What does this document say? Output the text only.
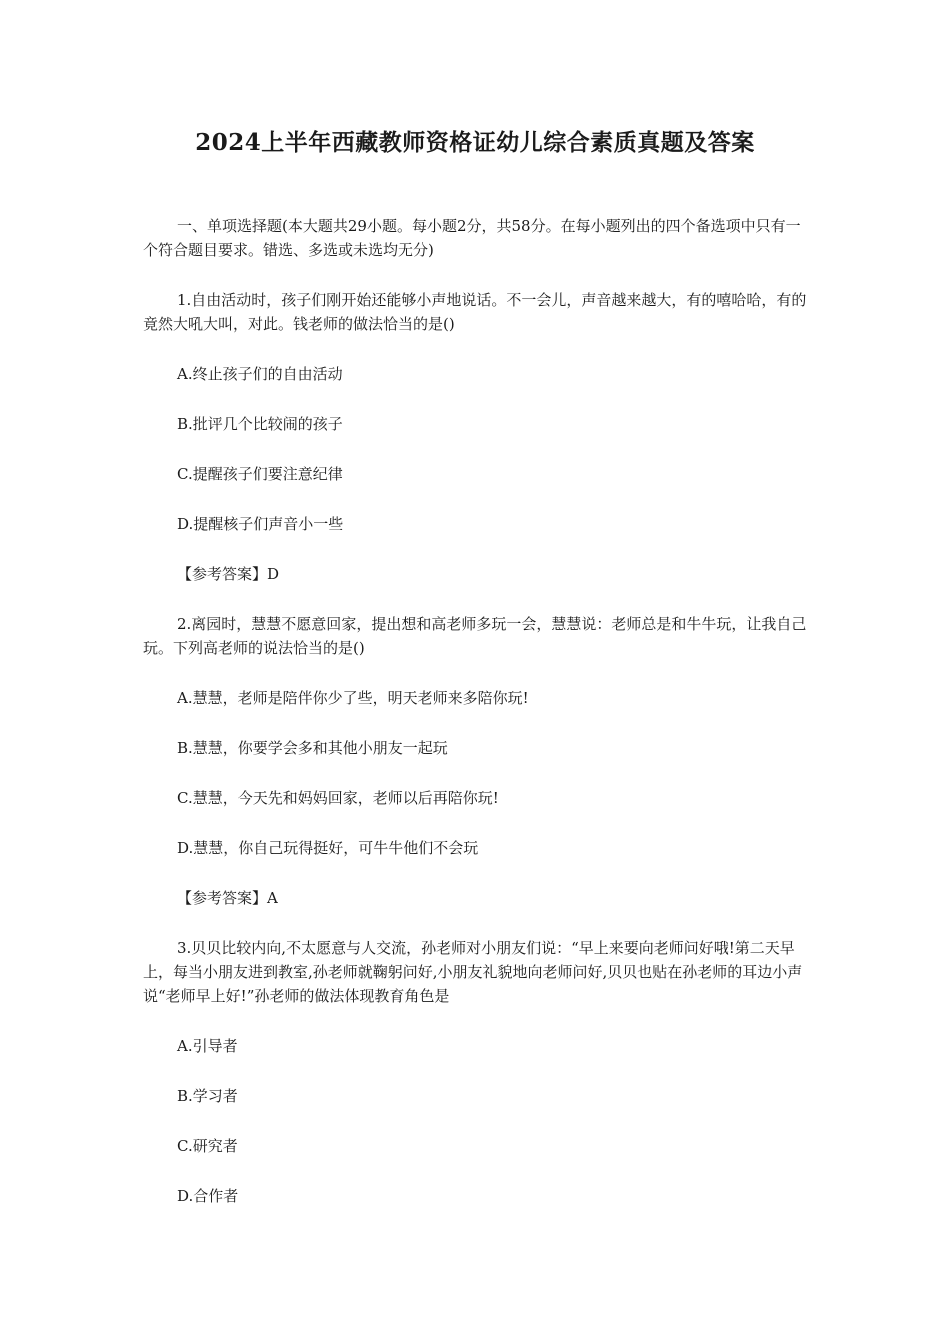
2024上半年西藏教师资格证幼儿综合素质真题及答案

一、单项选择题(本大题共29小题。每小题2分，共58分。在每小题列出的四个备选项中只有一个符合题目要求。错选、多选或未选均无分)

1.自由活动时，孩子们刚开始还能够小声地说话。不一会儿，声音越来越大，有的嘻哈哈，有的竟然大吼大叫，对此。钱老师的做法恰当的是()

A.终止孩子们的自由活动

B.批评几个比较闹的孩子

C.提醒孩子们要注意纪律

D.提醒核子们声音小一些

【参考答案】D

2.离园时，慧慧不愿意回家，提出想和高老师多玩一会，慧慧说：老师总是和牛牛玩，让我自己玩。下列高老师的说法恰当的是()

A.慧慧，老师是陪伴你少了些，明天老师来多陪你玩!

B.慧慧，你要学会多和其他小朋友一起玩

C.慧慧，今天先和妈妈回家，老师以后再陪你玩!

D.慧慧，你自己玩得挺好，可牛牛他们不会玩

【参考答案】A

3.贝贝比较内向,不太愿意与人交流，孙老师对小朋友们说：“早上来要向老师问好哦!第二天早上，每当小朋友进到教室,孙老师就鞠躬问好,小朋友礼貌地向老师问好,贝贝也贴在孙老师的耳边小声说“老师早上好!”孙老师的做法体现教育角色是

A.引导者

B.学习者

C.研究者

D.合作者
